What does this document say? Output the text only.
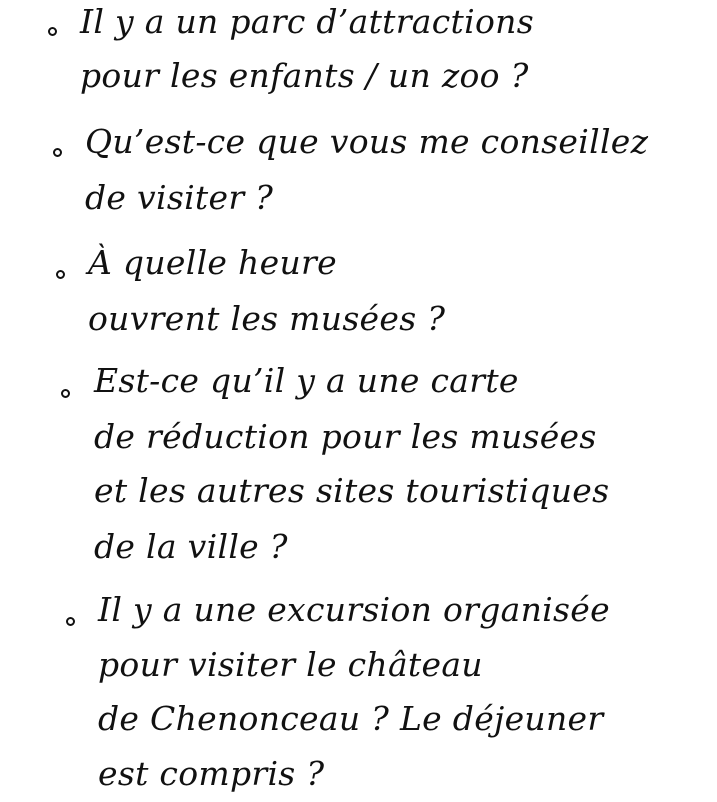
Il y a un parc d’attractions
pour les enfants / un zoo ?
Qu’est-ce que vous me conseillez
de visiter ?
À quelle heure
ouvrent les musées ?
Est-ce qu’il y a une carte
de réduction pour les musées
et les autres sites touristiques
de la ville ?
Il y a une excursion organisée
pour visiter le château
de Chenonceau ? Le déjeuner
est compris ?
